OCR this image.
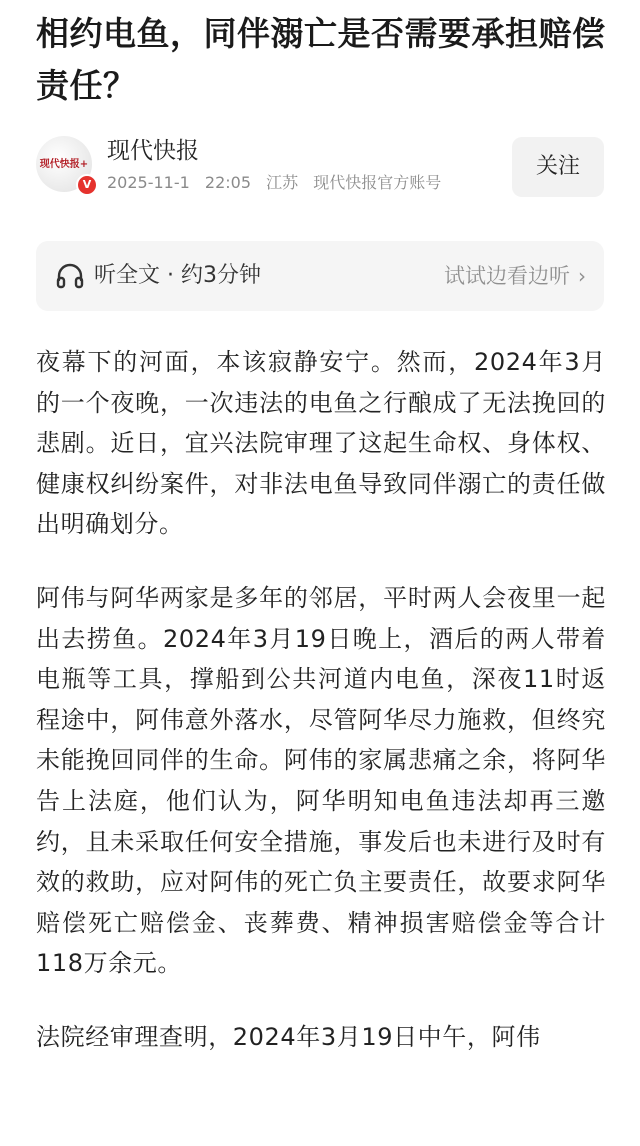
相约电鱼，同伴溺亡是否需要承担赔偿责任？
现代快报+
V
现代快报
2025-11-1 22:05 江苏 现代快报官方账号
关注
听全文 · 约3分钟	试试边看边听 ›

夜幕下的河面，本该寂静安宁。然而，2024年3月的一个夜晚，一次违法的电鱼之行酿成了无法挽回的悲剧。近日，宜兴法院审理了这起生命权、身体权、健康权纠纷案件，对非法电鱼导致同伴溺亡的责任做出明确划分。

阿伟与阿华两家是多年的邻居，平时两人会夜里一起出去捞鱼。2024年3月19日晚上，酒后的两人带着电瓶等工具，撑船到公共河道内电鱼，深夜11时返程途中，阿伟意外落水，尽管阿华尽力施救，但终究未能挽回同伴的生命。阿伟的家属悲痛之余，将阿华告上法庭，他们认为，阿华明知电鱼违法却再三邀约，且未采取任何安全措施，事发后也未进行及时有效的救助，应对阿伟的死亡负主要责任，故要求阿华赔偿死亡赔偿金、丧葬费、精神损害赔偿金等合计118万余元。

法院经审理查明，2024年3月19日中午，阿伟
